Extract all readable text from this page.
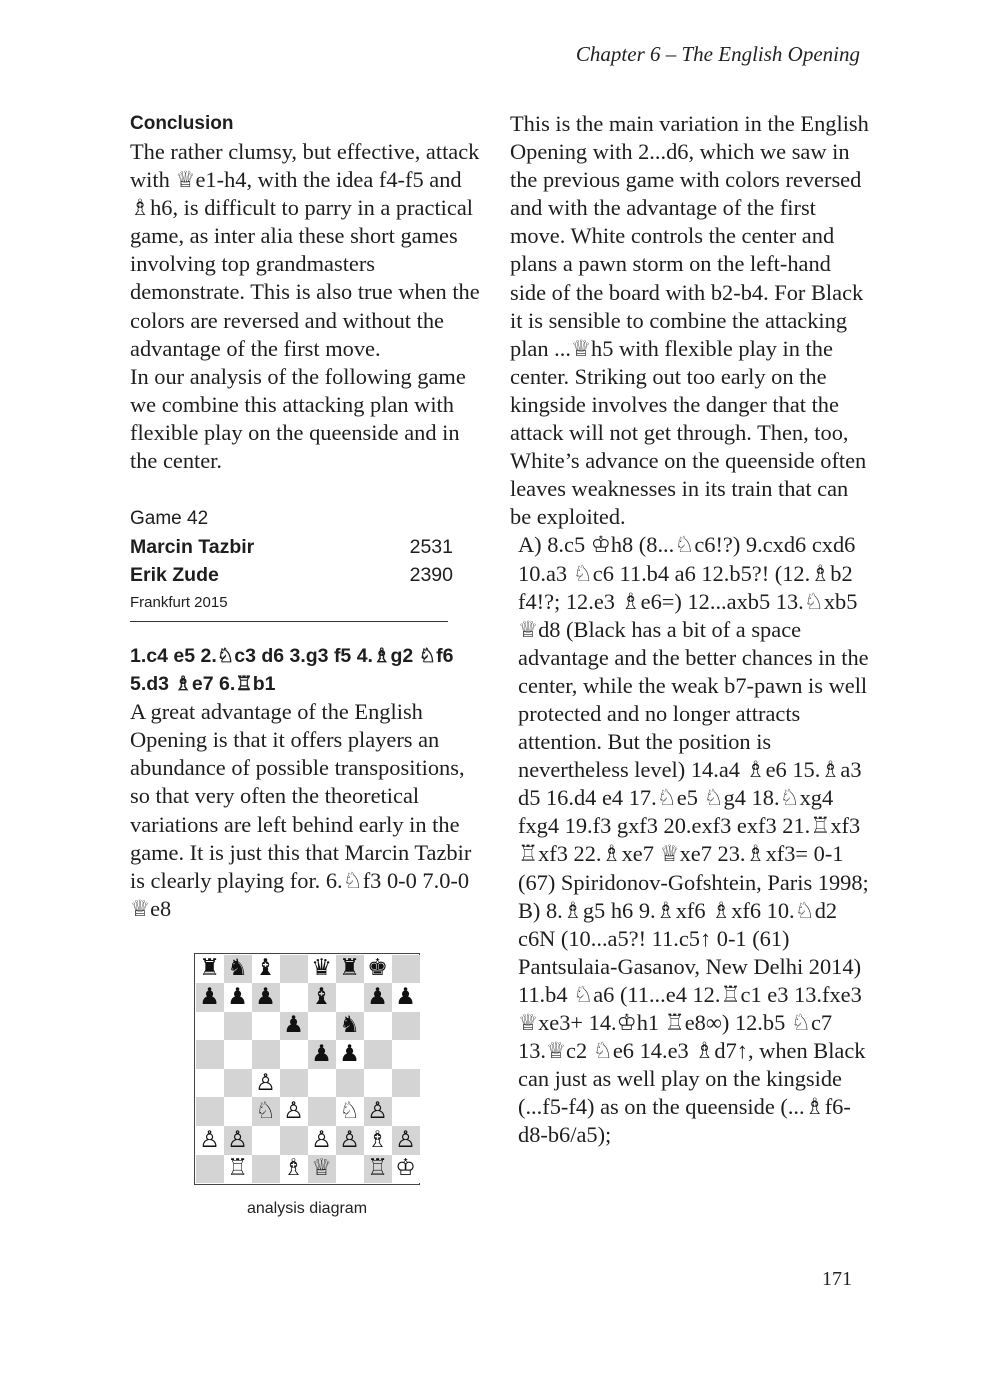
Chapter 6 – The English Opening
Conclusion

The rather clumsy, but effective, attack with ♕e1-h4, with the idea f4-f5 and ♗h6, is difficult to parry in a practical game, as inter alia these short games involving top grandmasters demonstrate. This is also true when the colors are reversed and without the advantage of the first move.

In our analysis of the following game we combine this attacking plan with flexible play on the queenside and in the center.

Game 42
Marcin Tazbir	2531
Erik Zude	2390
Frankfurt 2015
1.c4 e5 2.♘c3 d6 3.g3 f5 4.♗g2 ♘f6 5.d3 ♗e7 6.♖b1

A great advantage of the English Opening is that it offers players an abundance of possible transpositions, so that very often the theoretical variations are left behind early in the game. It is just this that Marcin Tazbir is clearly playing for. 6.♘f3 0-0 7.0-0 ♕e8

♜ ♞ ♝ ♛ ♜ ♚
♟ ♟ ♟ ♝ ♟ ♟
♟ ♞
♟ ♟
♙
♘ ♙ ♘ ♙
♙ ♙	♙ ♙ ♗ ♙
♖ ♗ ♕ ♖ ♔
analysis diagram

This is the main variation in the English Opening with 2...d6, which we saw in the previous game with colors reversed and with the advantage of the first move. White controls the center and plans a pawn storm on the left-hand side of the board with b2-b4. For Black it is sensible to combine the attacking plan ...♕h5 with flexible play in the center. Striking out too early on the kingside involves the danger that the attack will not get through. Then, too, White’s advance on the queenside often leaves weaknesses in its train that can be exploited.

A) 8.c5 ♔h8 (8...♘c6!?) 9.cxd6 cxd6 10.a3 ♘c6 11.b4 a6 12.b5?! (12.♗b2 f4!?; 12.e3 ♗e6=) 12...axb5 13.♘xb5 ♕d8 (Black has a bit of a space advantage and the better chances in the center, while the weak b7-pawn is well protected and no longer attracts attention. But the position is nevertheless level) 14.a4 ♗e6 15.♗a3 d5 16.d4 e4 17.♘e5 ♘g4 18.♘xg4 fxg4 19.f3 gxf3 20.exf3 exf3 21.♖xf3 ♖xf3 22.♗xe7 ♕xe7 23.♗xf3= 0-1 (67) Spiridonov-Gofshtein, Paris 1998;

B) 8.♗g5 h6 9.♗xf6 ♗xf6 10.♘d2 c6N (10...a5?! 11.c5↑ 0-1 (61) Pantsulaia-Gasanov, New Delhi 2014) 11.b4 ♘a6 (11...e4 12.♖c1 e3 13.fxe3 ♕xe3+ 14.♔h1 ♖e8∞) 12.b5 ♘c7 13.♕c2 ♘e6 14.e3 ♗d7↑, when Black can just as well play on the kingside (...f5-f4) as on the queenside (...♗f6-d8-b6/a5);

171
